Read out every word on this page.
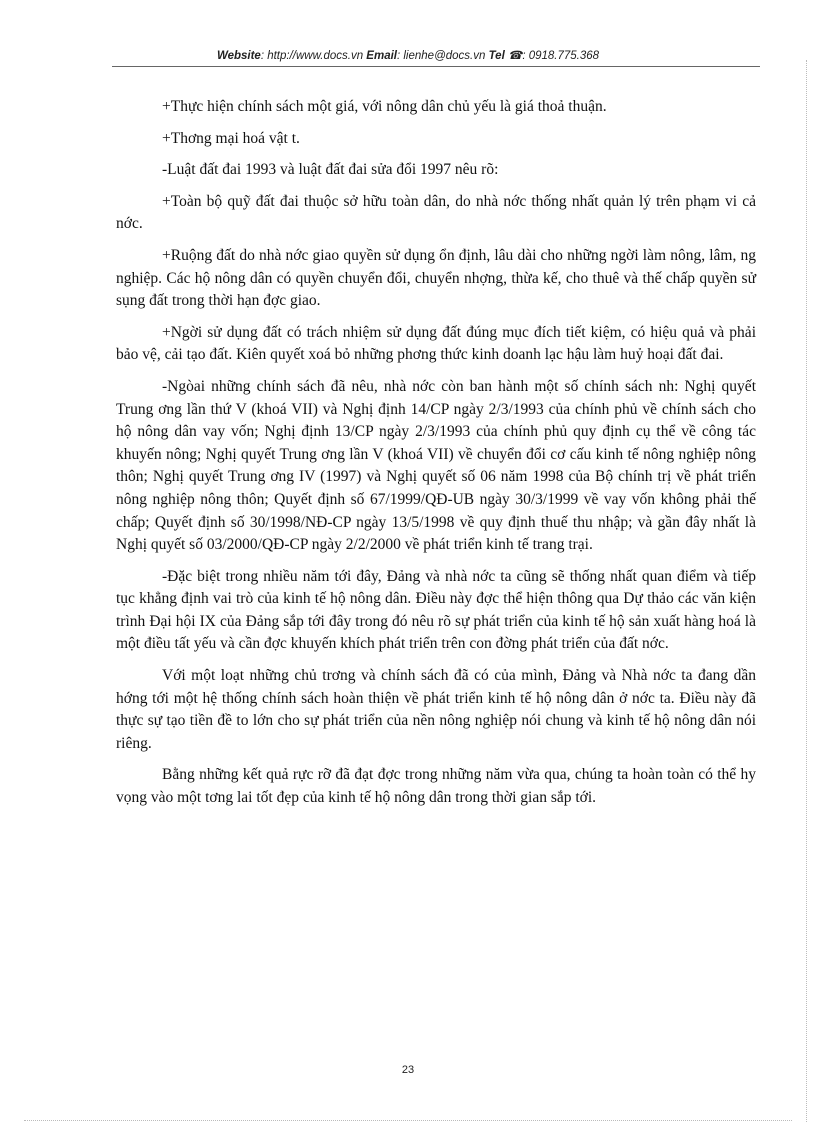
Website: http://www.docs.vn Email: lienhe@docs.vn Tel ☎: 0918.775.368

+Thực hiện chính sách một giá, với nông dân chủ yếu là giá thoả thuận.

+Thơng mại hoá vật t.

-Luật đất đai 1993 và luật đất đai sửa đổi 1997 nêu rõ:

+Toàn bộ quỹ đất đai thuộc sở hữu toàn dân, do nhà nớc thống nhất quản lý trên phạm vi cả nớc.

+Ruộng đất do nhà nớc giao quyền sử dụng ổn định, lâu dài cho những ngời làm nông, lâm, ng nghiệp. Các hộ nông dân có quyền chuyển đổi, chuyển nhợng, thừa kế, cho thuê và thế chấp quyền sử sụng đất trong thời hạn đợc giao.

+Ngời sử dụng đất có trách nhiệm sử dụng đất đúng mục đích tiết kiệm, có hiệu quả và phải bảo vệ, cải tạo đất. Kiên quyết xoá bỏ những phơng thức kinh doanh lạc hậu làm huỷ hoại đất đai.

-Ngòai những chính sách đã nêu, nhà nớc còn ban hành một số chính sách nh: Nghị quyết Trung ơng lần thứ V (khoá VII) và Nghị định 14/CP ngày 2/3/1993 của chính phủ về chính sách cho hộ nông dân vay vốn; Nghị định 13/CP ngày 2/3/1993 của chính phủ quy định cụ thể về công tác khuyến nông; Nghị quyết Trung ơng lần V (khoá VII) về chuyển đổi cơ cấu kinh tế nông nghiệp nông thôn; Nghị quyết Trung ơng IV (1997) và Nghị quyết số 06 năm 1998 của Bộ chính trị về phát triển nông nghiệp nông thôn; Quyết định số 67/1999/QĐ-UB ngày 30/3/1999 về vay vốn không phải thế chấp; Quyết định số 30/1998/NĐ-CP ngày 13/5/1998 về quy định thuế thu nhập; và gần đây nhất là Nghị quyết số 03/2000/QĐ-CP ngày 2/2/2000 về phát triển kinh tế trang trại.

-Đặc biệt trong nhiều năm tới đây, Đảng và nhà nớc ta cũng sẽ thống nhất quan điểm và tiếp tục khẳng định vai trò của kinh tế hộ nông dân. Điều này đợc thể hiện thông qua Dự thảo các văn kiện trình Đại hội IX của Đảng sắp tới đây trong đó nêu rõ sự phát triển của kinh tế hộ sản xuất hàng hoá là một điều tất yếu và cần đợc khuyến khích phát triển trên con đờng phát triển của đất nớc.

Với một loạt những chủ trơng và chính sách đã có của mình, Đảng và Nhà nớc ta đang dần hớng tới một hệ thống chính sách hoàn thiện về phát triển kinh tế hộ nông dân ở nớc ta. Điều này đã thực sự tạo tiền đề to lớn cho sự phát triển của nền nông nghiệp nói chung và kinh tế hộ nông dân nói riêng.

Bằng những kết quả rực rỡ đã đạt đợc trong những năm vừa qua, chúng ta hoàn toàn có thể hy vọng vào một tơng lai tốt đẹp của kinh tế hộ nông dân trong thời gian sắp tới.

23
